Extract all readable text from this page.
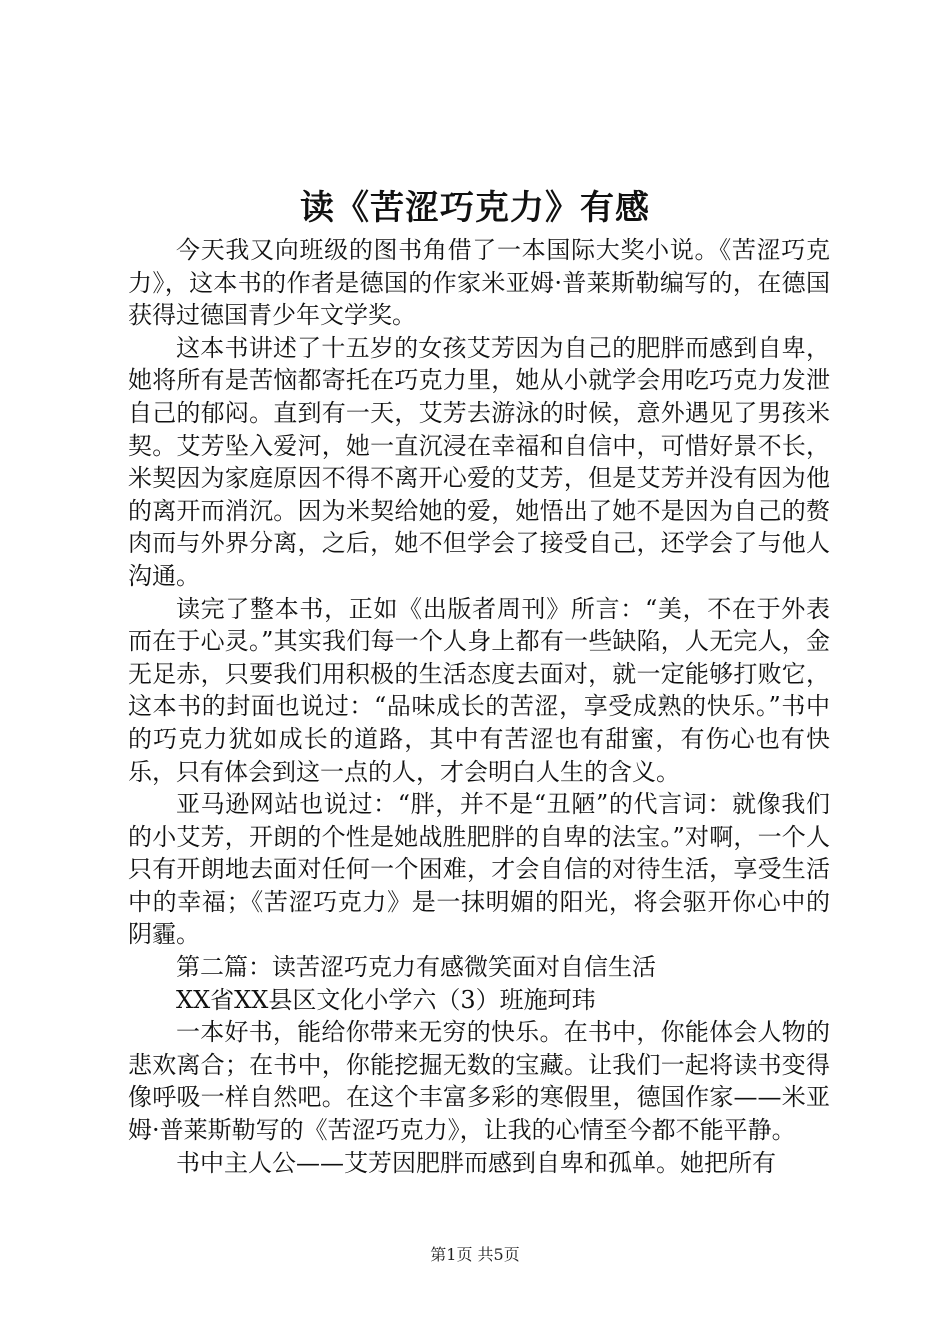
读《苦涩巧克力》有感

今天我又向班级的图书角借了一本国际大奖小说。《苦涩巧克力》，这本书的作者是德国的作家米亚姆·普莱斯勒编写的，在德国获得过德国青少年文学奖。

这本书讲述了十五岁的女孩艾芳因为自己的肥胖而感到自卑，她将所有是苦恼都寄托在巧克力里，她从小就学会用吃巧克力发泄自己的郁闷。直到有一天，艾芳去游泳的时候，意外遇见了男孩米契。艾芳坠入爱河，她一直沉浸在幸福和自信中，可惜好景不长，米契因为家庭原因不得不离开心爱的艾芳，但是艾芳并没有因为他的离开而消沉。因为米契给她的爱，她悟出了她不是因为自己的赘肉而与外界分离，之后，她不但学会了接受自己，还学会了与他人沟通。

读完了整本书，正如《出版者周刊》所言：“美，不在于外表而在于心灵。”其实我们每一个人身上都有一些缺陷，人无完人，金无足赤，只要我们用积极的生活态度去面对，就一定能够打败它，这本书的封面也说过：“品味成长的苦涩，享受成熟的快乐。”书中的巧克力犹如成长的道路，其中有苦涩也有甜蜜，有伤心也有快乐，只有体会到这一点的人，才会明白人生的含义。

亚马逊网站也说过：“胖，并不是“丑陋”的代言词：就像我们的小艾芳，开朗的个性是她战胜肥胖的自卑的法宝。”对啊，一个人只有开朗地去面对任何一个困难，才会自信的对待生活，享受生活中的幸福；《苦涩巧克力》是一抹明媚的阳光，将会驱开你心中的阴霾。

第二篇：读苦涩巧克力有感微笑面对自信生活

XX省XX县区文化小学六（3）班施珂玮

一本好书，能给你带来无穷的快乐。在书中，你能体会人物的悲欢离合；在书中，你能挖掘无数的宝藏。让我们一起将读书变得像呼吸一样自然吧。在这个丰富多彩的寒假里，德国作家——米亚姆·普莱斯勒写的《苦涩巧克力》，让我的心情至今都不能平静。

书中主人公——艾芳因肥胖而感到自卑和孤单。她把所有

第1页 共5页
